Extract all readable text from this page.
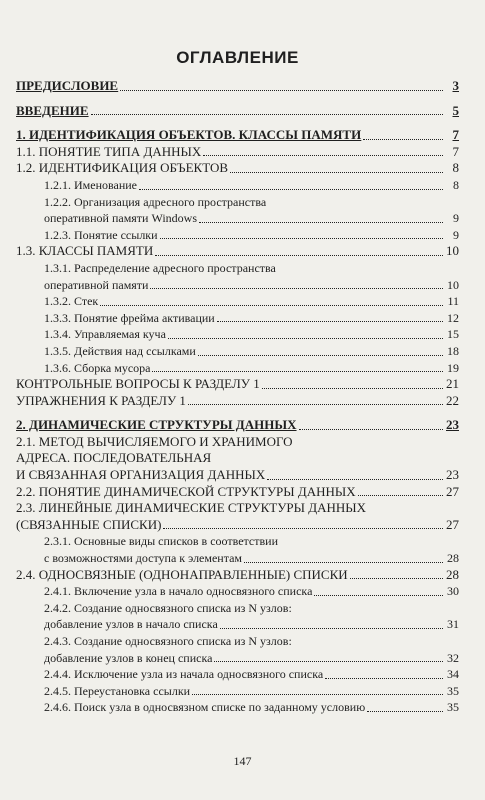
ОГЛАВЛЕНИЕ
ПРЕДИСЛОВИЕ	3
ВВЕДЕНИЕ	5
1. ИДЕНТИФИКАЦИЯ ОБЪЕКТОВ. КЛАССЫ ПАМЯТИ	7
1.1. ПОНЯТИЕ ТИПА ДАННЫХ	7
1.2. ИДЕНТИФИКАЦИЯ ОБЪЕКТОВ	8
1.2.1. Именование	8
1.2.2. Организация адресного пространства
оперативной памяти Windows	9
1.2.3. Понятие ссылки	9
1.3. КЛАССЫ ПАМЯТИ	10
1.3.1. Распределение адресного пространства
оперативной памяти	10
1.3.2. Стек	11
1.3.3. Понятие фрейма активации	12
1.3.4. Управляемая куча	15
1.3.5. Действия над ссылками	18
1.3.6. Сборка мусора	19
КОНТРОЛЬНЫЕ ВОПРОСЫ К РАЗДЕЛУ 1	21
УПРАЖНЕНИЯ К РАЗДЕЛУ 1	22
2. ДИНАМИЧЕСКИЕ СТРУКТУРЫ ДАННЫХ	23
2.1. МЕТОД ВЫЧИСЛЯЕМОГО И ХРАНИМОГО
АДРЕСА. ПОСЛЕДОВАТЕЛЬНАЯ
И СВЯЗАННАЯ ОРГАНИЗАЦИЯ ДАННЫХ	23
2.2. ПОНЯТИЕ ДИНАМИЧЕСКОЙ СТРУКТУРЫ ДАННЫХ	27
2.3. ЛИНЕЙНЫЕ ДИНАМИЧЕСКИЕ СТРУКТУРЫ ДАННЫХ
(СВЯЗАННЫЕ СПИСКИ)	27
2.3.1. Основные виды списков в соответствии
с возможностями доступа к элементам	28
2.4. ОДНОСВЯЗНЫЕ (ОДНОНАПРАВЛЕННЫЕ) СПИСКИ	28
2.4.1. Включение узла в начало односвязного списка	30
2.4.2. Создание односвязного списка из N узлов:
добавление узлов в начало списка	31
2.4.3. Создание односвязного списка из N узлов:
добавление узлов в конец списка	32
2.4.4. Исключение узла из начала односвязного списка	34
2.4.5. Переустановка ссылки	35
2.4.6. Поиск узла в односвязном списке по заданному условию	35
147
